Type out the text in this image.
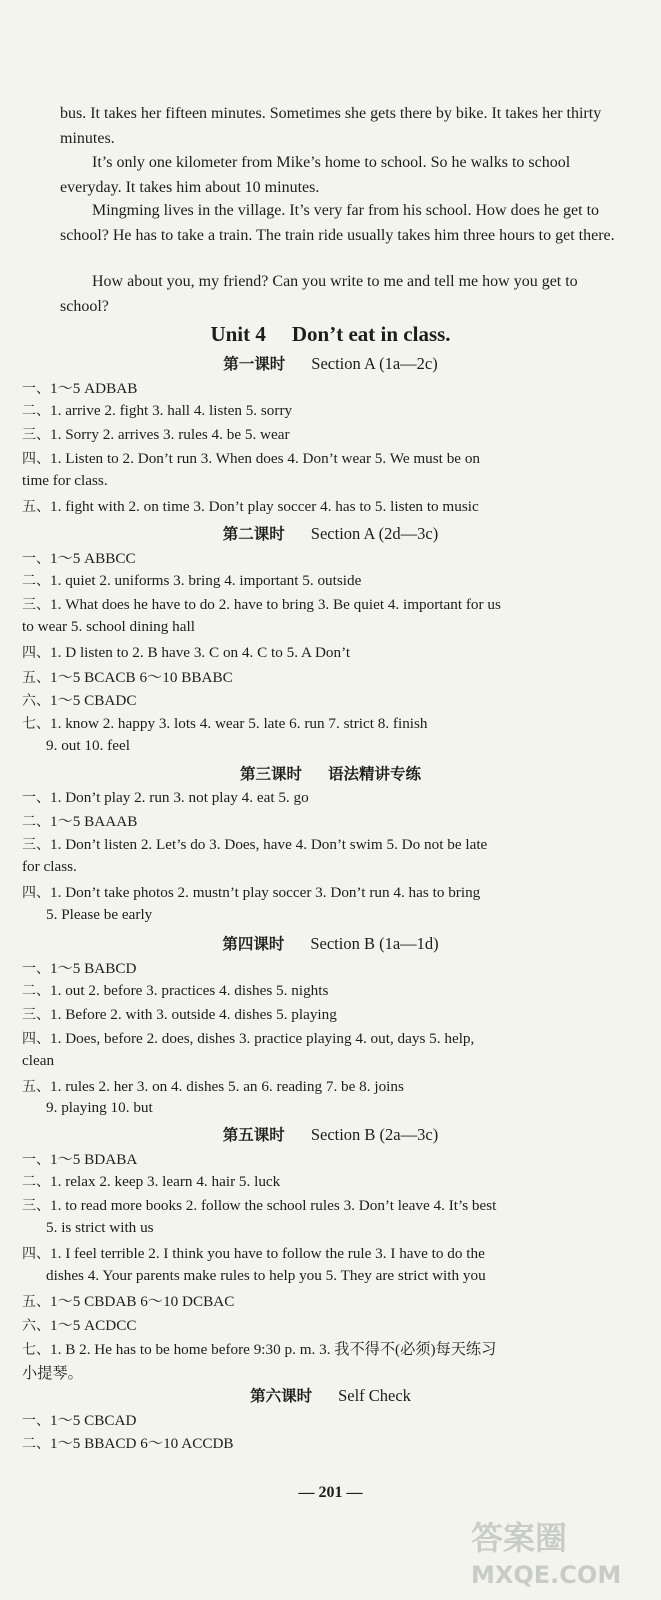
bus. It takes her fifteen minutes. Sometimes she gets there by bike. It takes her thirty minutes.

It’s only one kilometer from Mike’s home to school. So he walks to school everyday. It takes him about 10 minutes.

Mingming lives in the village. It’s very far from his school. How does he get to school? He has to take a train. The train ride usually takes him three hours to get there.

How about you, my friend? Can you write to me and tell me how you get to school?

Unit 4 Don’t eat in class.

第一课时 Section A (1a—2c)

一、1～5 ADBAB

二、1. arrive 2. fight 3. hall 4. listen 5. sorry

三、1. Sorry 2. arrives 3. rules 4. be 5. wear

四、1. Listen to 2. Don’t run 3. When does 4. Don’t wear 5. We must be on

time for class.

五、1. fight with 2. on time 3. Don’t play soccer 4. has to 5. listen to music

第二课时 Section A (2d—3c)

一、1～5 ABBCC

二、1. quiet 2. uniforms 3. bring 4. important 5. outside

三、1. What does he have to do 2. have to bring 3. Be quiet 4. important for us

to wear 5. school dining hall

四、1. D listen to 2. B have 3. C on 4. C to 5. A Don’t

五、1～5 BCACB 6～10 BBABC

六、1～5 CBADC

七、1. know 2. happy 3. lots 4. wear 5. late 6. run 7. strict 8. finish

9. out 10. feel

第三课时 语法精讲专练

一、1. Don’t play 2. run 3. not play 4. eat 5. go

二、1～5 BAAAB

三、1. Don’t listen 2. Let’s do 3. Does, have 4. Don’t swim 5. Do not be late

for class.

四、1. Don’t take photos 2. mustn’t play soccer 3. Don’t run 4. has to bring

5. Please be early

第四课时 Section B (1a—1d)

一、1～5 BABCD

二、1. out 2. before 3. practices 4. dishes 5. nights

三、1. Before 2. with 3. outside 4. dishes 5. playing

四、1. Does, before 2. does, dishes 3. practice playing 4. out, days 5. help,

clean

五、1. rules 2. her 3. on 4. dishes 5. an 6. reading 7. be 8. joins

9. playing 10. but

第五课时 Section B (2a—3c)

一、1～5 BDABA

二、1. relax 2. keep 3. learn 4. hair 5. luck

三、1. to read more books 2. follow the school rules 3. Don’t leave 4. It’s best

5. is strict with us

四、1. I feel terrible 2. I think you have to follow the rule 3. I have to do the

dishes 4. Your parents make rules to help you 5. They are strict with you

五、1～5 CBDAB 6～10 DCBAC

六、1～5 ACDCC

七、1. B 2. He has to be home before 9:30 p. m. 3. 我不得不(必须)每天练习

小提琴。

第六课时 Self Check

一、1～5 CBCAD

二、1～5 BBACD 6～10 ACCDB

— 201 —
答案圈
MXQE.COM
